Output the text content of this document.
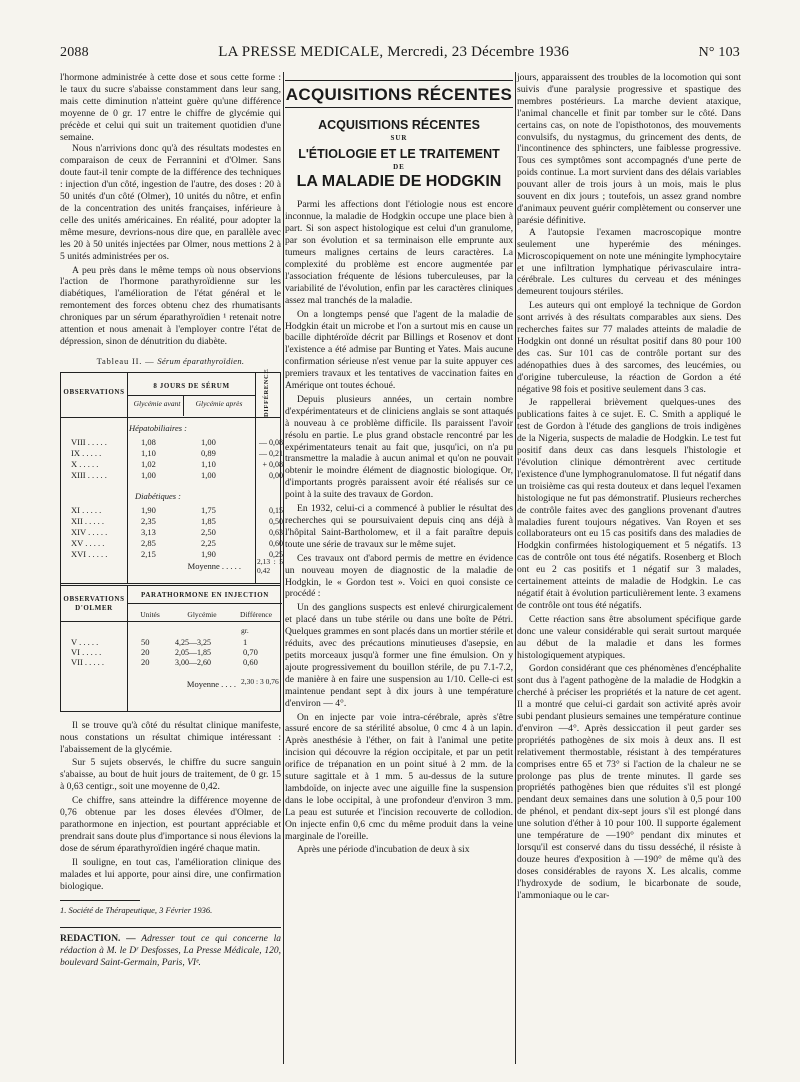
2088	LA PRESSE MEDICALE, Mercredi, 23 Décembre 1936	N° 103

l'hormone administrée à cette dose et sous cette forme : le taux du sucre s'abaisse constamment dans leur sang, mais cette diminution n'atteint guère qu'une différence moyenne de 0 gr. 17 entre le chiffre de glycémie qui précède et celui qui suit un traitement quotidien d'une semaine.

Nous n'arrivions donc qu'à des résultats modestes en comparaison de ceux de Ferrannini et d'Olmer. Sans doute faut-il tenir compte de la différence des techniques : injection d'un côté, ingestion de l'autre, des doses : 20 à 50 unités d'un côté (Olmer), 10 unités du nôtre, et enfin de la concentration des unités françaises, inférieure à celle des unités américaines. En réalité, pour adopter la même mesure, devrions-nous dire que, en parallèle avec les 20 à 50 unités injectées par Olmer, nous mettions 2 à 5 unités administrées per os.

A peu près dans le même temps où nous observions l'action de l'hormone parathyroïdienne sur les diabétiques, l'amélioration de l'état général et le remontement des forces obtenu chez des rhumatisants chroniques par un sérum éparathyroïdien ¹ retenait notre attention et nous amenait à l'employer contre l'état de dépression, sinon de dénutrition du diabète.

Tableau II. — Sérum éparathyroïdien.
OBSERVATIONS
8 JOURS DE SÉRUM
Glycémie avant	Glycémie après	DIFFÉRENCE
Hépatobiliaires :
VIII . . . . .	1,08	1,00	— 0,08
IX . . . . .	1,10	0,89	— 0,21
X . . . . .	1,02	1,10	+ 0,08
XIII . . . . .	1,00	1,00	0,00
Diabétiques :
XI . . . . .	1,90	1,75	0,15
XII . . . . .	2,35	1,85	0,50
XIV . . . . .	3,13	2,50	0,63
XV . . . . .	2,85	2,25	0,60
XVI . . . . .	2,15	1,90	0,25
Moyenne . . . . . 2,13 : 5 0,42
OBSERVATIONS D'OLMER
PARATHORMONE EN INJECTION
Unités	Glycémie	Différence
gr.
V . . . . .	50	4,25—3,25	1
VI . . . . .	20	2,05—1,85	0,70
VII . . . . .	20	3,00—2,60	0,60
Moyenne . . . . 2,30 : 3 0,76

Il se trouve qu'à côté du résultat clinique manifeste, nous constations un résultat chimique intéressant : l'abaissement de la glycémie.

Sur 5 sujets observés, le chiffre du sucre sanguin s'abaisse, au bout de huit jours de traitement, de 0 gr. 15 à 0,63 centigr., soit une moyenne de 0,42.

Ce chiffre, sans atteindre la différence moyenne de 0,76 obtenue par les doses élevées d'Olmer, de parathormone en injection, est pourtant appréciable et prendrait sans doute plus d'importance si nous élevions la dose de sérum éparathyroïdien ingéré chaque matin.

Il souligne, en tout cas, l'amélioration clinique des malades et lui apporte, pour ainsi dire, une confirmation biologique.

1. Société de Thérapeutique, 3 Février 1936.

REDACTION. — Adresser tout ce qui concerne la rédaction à M. le Dʳ Desfosses, La Presse Médicale, 120, boulevard Saint-Germain, Paris, VIᵉ.
ACQUISITIONS RÉCENTES
ACQUISITIONS RÉCENTES
SUR
L'ÉTIOLOGIE ET LE TRAITEMENT
DE
LA MALADIE DE HODGKIN

Parmi les affections dont l'étiologie nous est encore inconnue, la maladie de Hodgkin occupe une place bien à part. Si son aspect histologique est celui d'un granulome, par son évolution et sa terminaison elle emprunte aux tumeurs malignes certains de leurs caractères. La complexité du problème est encore augmentée par l'association fréquente de lésions tuberculeuses, par la variabilité de l'évolution, enfin par les caractères cliniques assez mal tranchés de la maladie.

On a longtemps pensé que l'agent de la maladie de Hodgkin était un microbe et l'on a surtout mis en cause un bacille diphtéroïde décrit par Billings et Rosenov et dont l'existence a été admise par Bunting et Yates. Mais aucune confirmation sérieuse n'est venue par la suite appuyer ces premiers travaux et les tentatives de vaccination faites en Amérique ont toutes échoué.

Depuis plusieurs années, un certain nombre d'expérimentateurs et de cliniciens anglais se sont attaqués à nouveau à ce problème difficile. Ils paraissent l'avoir résolu en partie. Le plus grand obstacle rencontré par les expérimentateurs tenait au fait que, jusqu'ici, on n'a pu transmettre la maladie à aucun animal et qu'on ne pouvait obtenir le moindre élément de diagnostic biologique. Or, d'importants progrès paraissent avoir été réalisés sur ce point à la suite des travaux de Gordon.

En 1932, celui-ci a commencé à publier le résultat des recherches qui se poursuivaient depuis cinq ans déjà à l'hôpital Saint-Bartholomew, et il a fait paraître depuis toute une série de travaux sur le même sujet.

Ces travaux ont d'abord permis de mettre en évidence un nouveau moyen de diagnostic de la maladie de Hodgkin, le « Gordon test ». Voici en quoi consiste ce procédé :

Un des ganglions suspects est enlevé chirurgicalement et placé dans un tube stérile ou dans une boîte de Pétri. Quelques grammes en sont placés dans un mortier stérile et réduits, avec des précautions minutieuses d'asepsie, en petits morceaux jusqu'à former une fine émulsion. On y ajoute progressivement du bouillon stérile, de pu 7.1-7.2, de manière à en faire une suspension au 1/10. Celle-ci est maintenue pendant sept à dix jours à une température d'environ — 4°.

On en injecte par voie intra-cérébrale, après s'être assuré encore de sa stérilité absolue, 0 cmc 4 à un lapin. Après anesthésie à l'éther, on fait à l'animal une petite incision qui découvre la région occipitale, et par un petit orifice de trépanation en un point situé à 2 mm. de la suture sagittale et à 1 mm. 5 au-dessus de la suture lambdoïde, on injecte avec une aiguille fine la suspension dans le lobe occipital, à une profondeur d'environ 3 mm. La peau est suturée et l'incision recouverte de collodion. On injecte enfin 0,6 cmc du même produit dans la veine marginale de l'oreille.

Après une période d'incubation de deux à six

jours, apparaissent des troubles de la locomotion qui sont suivis d'une paralysie progressive et spastique des membres postérieurs. La marche devient ataxique, l'animal chancelle et finit par tomber sur le côté. Dans certains cas, on note de l'opisthotonos, des mouvements convulsifs, du nystagmus, du grincement des dents, de l'incontinence des sphincters, une faiblesse progressive. Tous ces symptômes sont accompagnés d'une perte de poids continue. La mort survient dans des délais variables pouvant aller de trois jours à un mois, mais le plus souvent en dix jours ; toutefois, un assez grand nombre d'animaux peuvent guérir complètement ou conserver une parésie définitive.

A l'autopsie l'examen macroscopique montre seulement une hyperémie des méninges. Microscopiquement on note une méningite lymphocytaire et une infiltration lymphatique périvasculaire intra-cérébrale. Les cultures du cerveau et des méninges demeurent toujours stériles.

Les auteurs qui ont employé la technique de Gordon sont arrivés à des résultats comparables aux siens. Des recherches faites sur 77 malades atteints de maladie de Hodgkin ont donné un résultat positif dans 80 pour 100 des cas. Sur 101 cas de contrôle portant sur des adénopathies dues à des sarcomes, des leucémies, ou d'origine tuberculeuse, la réaction de Gordon a été négative 98 fois et positive seulement dans 3 cas.

Je rappellerai brièvement quelques-unes des publications faites à ce sujet. E. C. Smith a appliqué le test de Gordon à l'étude des ganglions de trois indigènes de la Nigeria, suspects de maladie de Hodgkin. Le test fut positif dans deux cas dans lesquels l'histologie et l'évolution clinique démontrèrent avec certitude l'existence d'une lymphogranulomatose. Il fut négatif dans un troisième cas qui resta douteux et dans lequel l'examen histologique ne fut pas démonstratif. Plusieurs recherches de contrôle faites avec des ganglions provenant d'autres maladies furent toujours négatives. Van Royen et ses collaborateurs ont eu 15 cas positifs dans des maladies de Hodgkin confirmées histologiquement et 5 négatifs. 13 cas de contrôle ont tous été négatifs. Rosenberg et Bloch ont eu 2 cas positifs et 1 négatif sur 3 malades, certainement atteints de maladie de Hodgkin. Le cas négatif était à évolution particulièrement lente. 3 examens de contrôle ont tous été négatifs.

Cette réaction sans être absolument spécifique garde donc une valeur considérable qui serait surtout marquée au début de la maladie et dans les formes histologiquement atypiques.

Gordon considérant que ces phénomènes d'encéphalite sont dus à l'agent pathogène de la maladie de Hodgkin a cherché à préciser les propriétés et la nature de cet agent. Il a montré que celui-ci gardait son activité après avoir subi pendant plusieurs semaines une température continue d'environ —4°. Après dessiccation il peut garder ses propriétés pathogènes de six mois à deux ans. Il est relativement thermostable, résistant à des températures comprises entre 65 et 73° si l'action de la chaleur ne se prolonge pas plus de trente minutes. Il garde ses propriétés pathogènes bien que réduites s'il est plongé pendant deux semaines dans une solution à 0,5 pour 100 de phénol, et pendant dix-sept jours s'il est plongé dans une solution d'éther à 10 pour 100. Il supporte également une température de —190° pendant dix minutes et lorsqu'il est conservé dans du tissu desséché, il résiste à douze heures d'exposition à —190° de même qu'à des doses considérables de rayons X. Les alcalis, comme l'hydroxyde de sodium, le bicarbonate de soude, l'ammoniaque ou le car-
